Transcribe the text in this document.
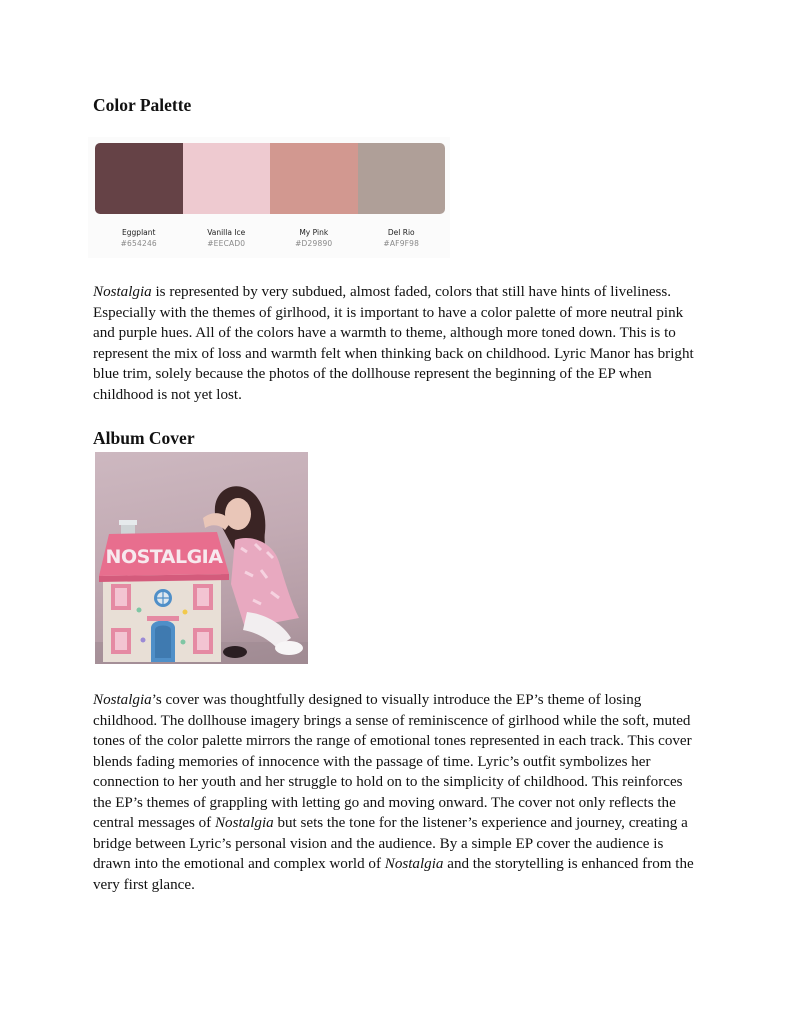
Color Palette
Eggplant
#654246
Vanilla Ice
#EECAD0
My Pink
#D29890
Del Rio
#AF9F98

Nostalgia is represented by very subdued, almost faded, colors that still have hints of liveliness. Especially with the themes of girlhood, it is important to have a color palette of more neutral pink and purple hues. All of the colors have a warmth to theme, although more toned down. This is to represent the mix of loss and warmth felt when thinking back on childhood. Lyric Manor has bright blue trim, solely because the photos of the dollhouse represent the beginning of the EP when childhood is not yet lost.

Album Cover
NOSTALGIA

Nostalgia’s cover was thoughtfully designed to visually introduce the EP’s theme of losing childhood. The dollhouse imagery brings a sense of reminiscence of girlhood while the soft, muted tones of the color palette mirrors the range of emotional tones represented in each track. This cover blends fading memories of innocence with the passage of time. Lyric’s outfit symbolizes her connection to her youth and her struggle to hold on to the simplicity of childhood. This reinforces the EP’s themes of grappling with letting go and moving onward. The cover not only reflects the central messages of Nostalgia but sets the tone for the listener’s experience and journey, creating a bridge between Lyric’s personal vision and the audience. By a simple EP cover the audience is drawn into the emotional and complex world of Nostalgia and the storytelling is enhanced from the very first glance.
